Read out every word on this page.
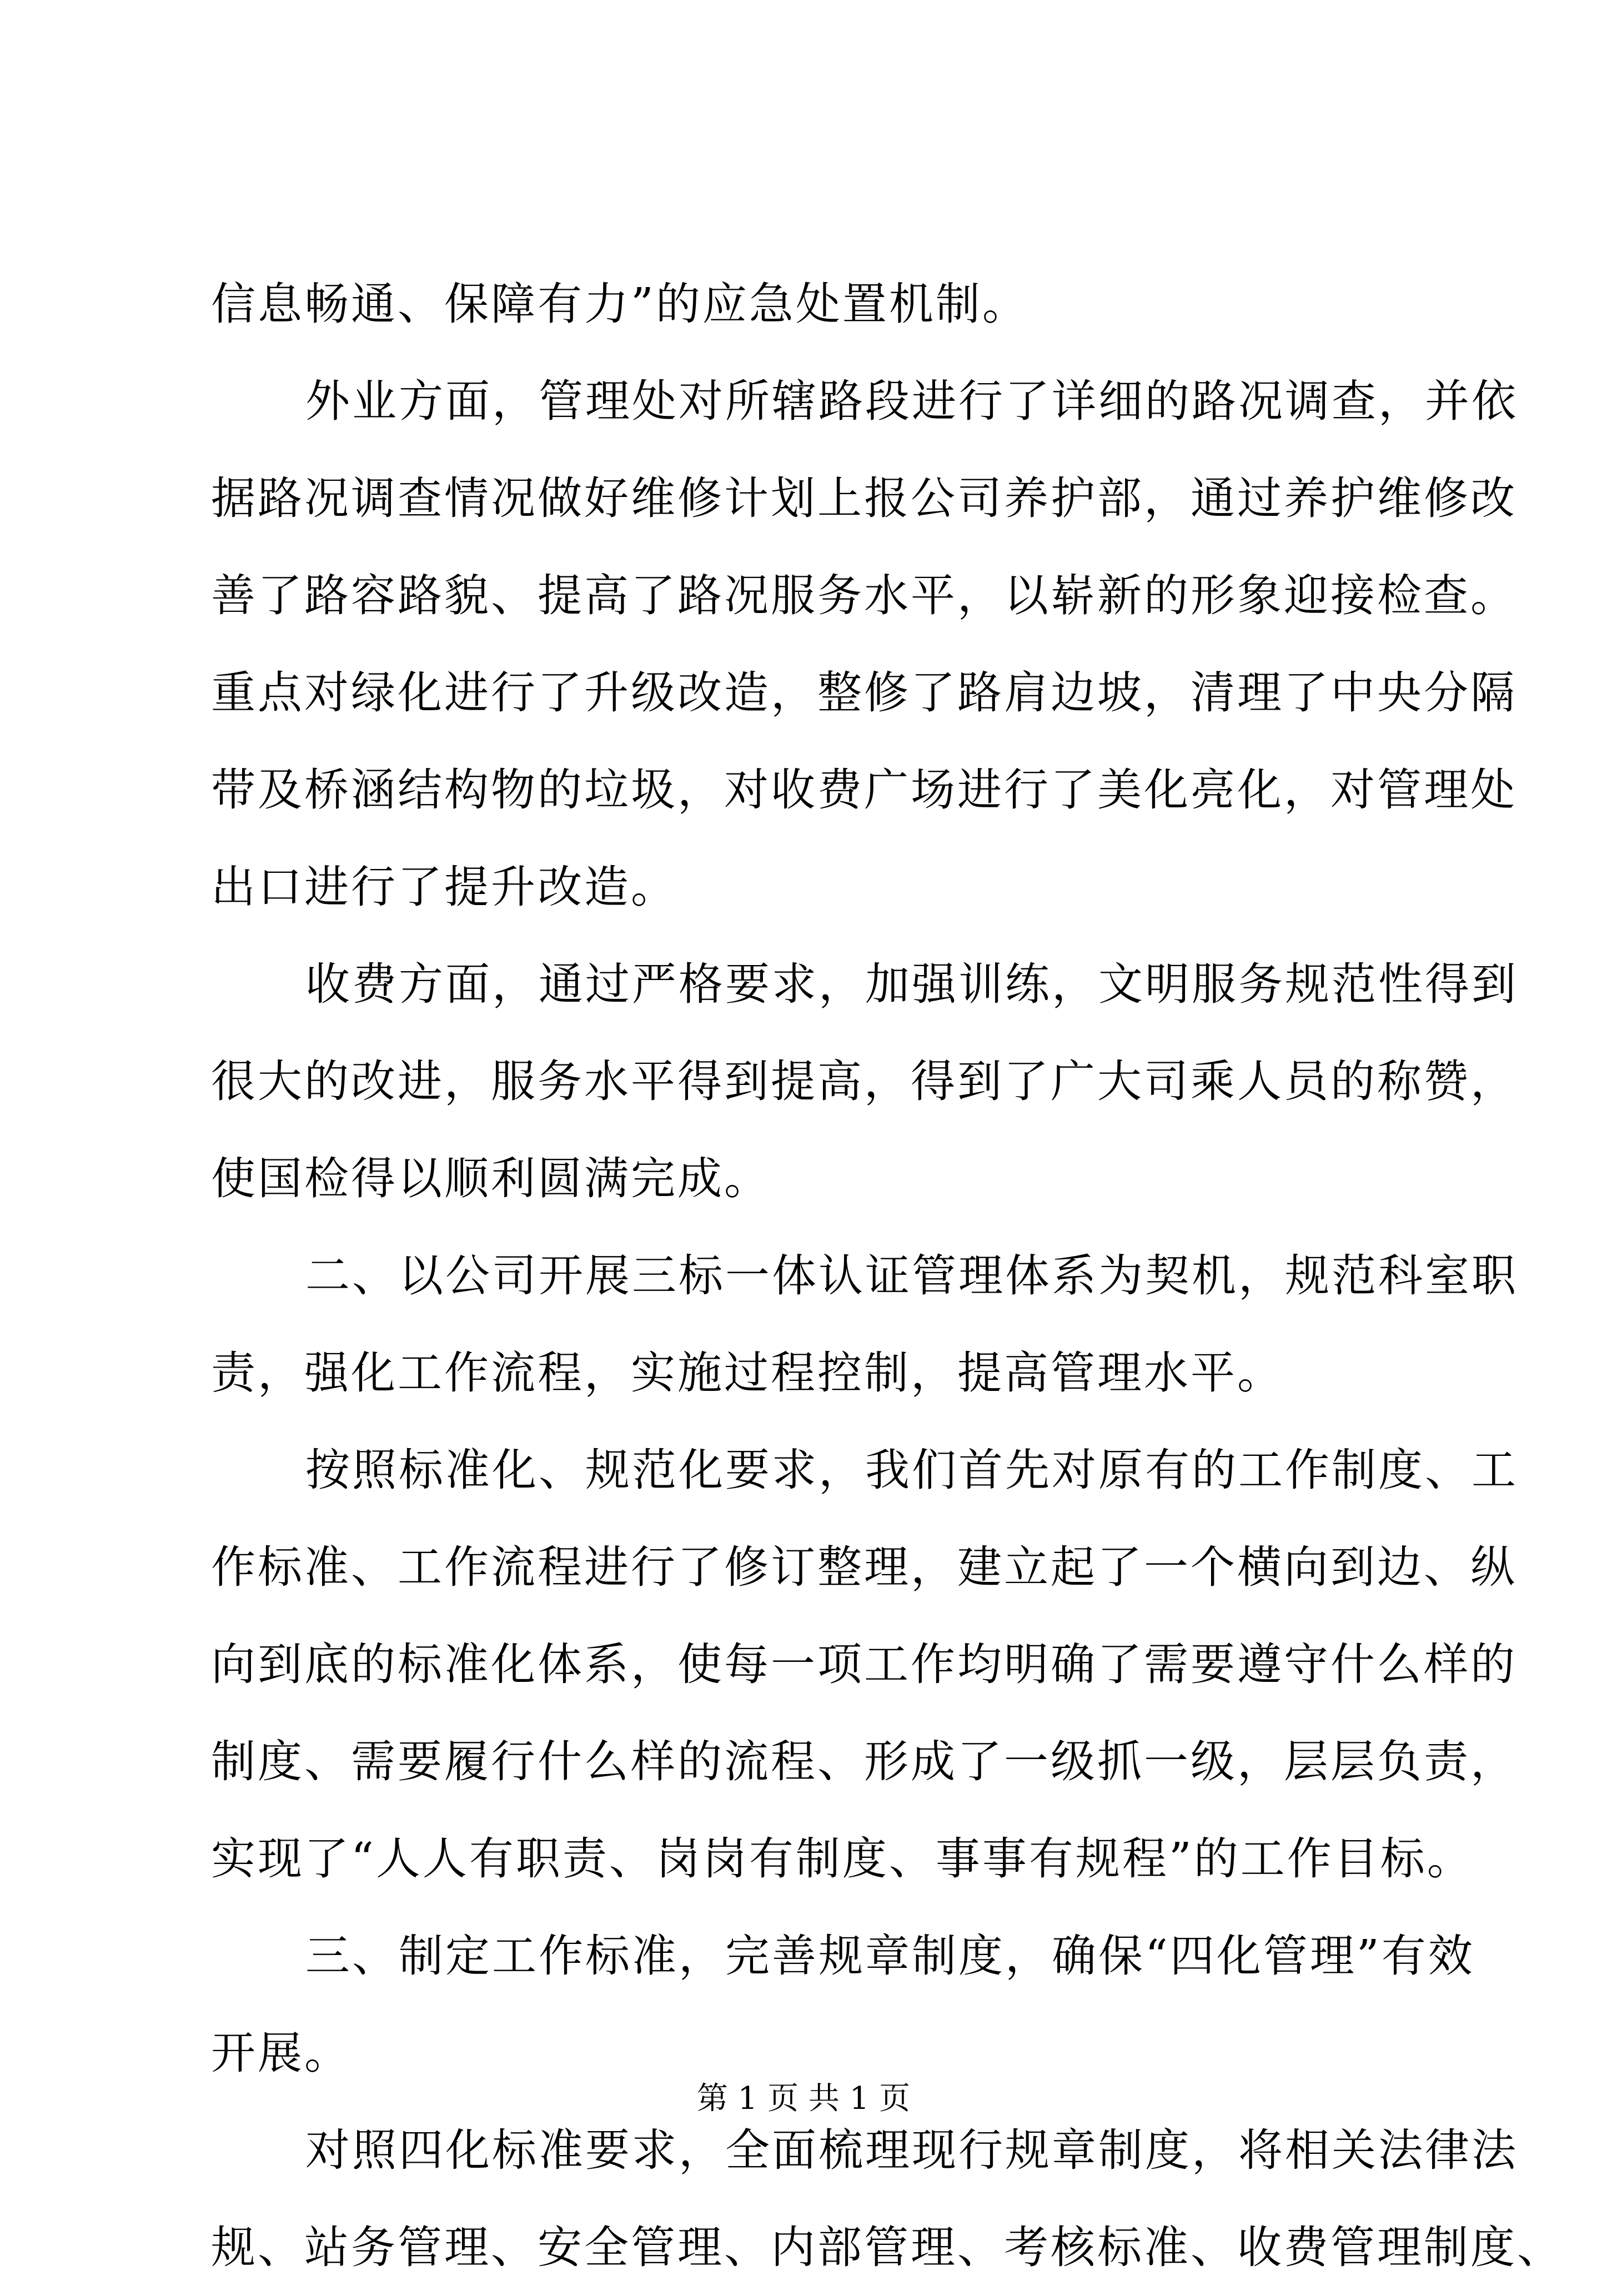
信息畅通、保障有力”的应急处置机制。
外业方面，管理处对所辖路段进行了详细的路况调查，并依
据路况调查情况做好维修计划上报公司养护部，通过养护维修改
善了路容路貌、提高了路况服务水平，以崭新的形象迎接检查。
重点对绿化进行了升级改造，整修了路肩边坡，清理了中央分隔
带及桥涵结构物的垃圾，对收费广场进行了美化亮化，对管理处
出口进行了提升改造。
收费方面，通过严格要求，加强训练，文明服务规范性得到
很大的改进，服务水平得到提高，得到了广大司乘人员的称赞，
使国检得以顺利圆满完成。
二、以公司开展三标一体认证管理体系为契机，规范科室职
责，强化工作流程，实施过程控制，提高管理水平。
按照标准化、规范化要求，我们首先对原有的工作制度、工
作标准、工作流程进行了修订整理，建立起了一个横向到边、纵
向到底的标准化体系，使每一项工作均明确了需要遵守什么样的
制度、需要履行什么样的流程、形成了一级抓一级，层层负责，
实现了“人人有职责、岗岗有制度、事事有规程”的工作目标。
三、制定工作标准，完善规章制度，确保“四化管理”有效
开展。
对照四化标准要求，全面梳理现行规章制度，将相关法律法
规、站务管理、安全管理、内部管理、考核标准、收费管理制度、
第 1 页 共 1 页
